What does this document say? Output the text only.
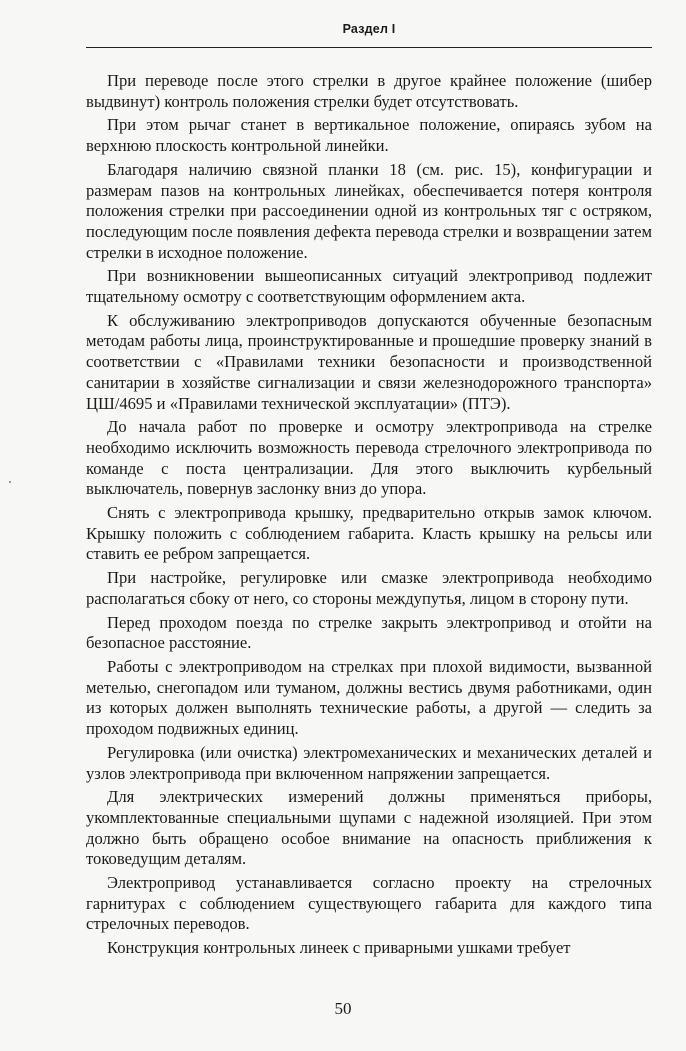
Раздел I

При переводе после этого стрелки в другое крайнее положение (шибер выдвинут) контроль положения стрелки будет отсутствовать.

При этом рычаг станет в вертикальное положение, опираясь зубом на верхнюю плоскость контрольной линейки.

Благодаря наличию связной планки 18 (см. рис. 15), конфигурации и размерам пазов на контрольных линейках, обеспечивается потеря контроля положения стрелки при рассоединении одной из контрольных тяг с остряком, последующим после появления дефекта перевода стрелки и возвращении затем стрелки в исходное положение.

При возникновении вышеописанных ситуаций электропривод подлежит тщательному осмотру с соответствующим оформлением акта.

К обслуживанию электроприводов допускаются обученные безопасным методам работы лица, проинструктированные и прошедшие проверку знаний в соответствии с «Правилами техники безопасности и производственной санитарии в хозяйстве сигнализации и связи железнодорожного транспорта» ЦШ/4695 и «Правилами технической эксплуатации» (ПТЭ).

До начала работ по проверке и осмотру электропривода на стрелке необходимо исключить возможность перевода стрелочного электропривода по команде с поста централизации. Для этого выключить курбельный выключатель, повернув заслонку вниз до упора.

Снять с электропривода крышку, предварительно открыв замок ключом. Крышку положить с соблюдением габарита. Класть крышку на рельсы или ставить ее ребром запрещается.

При настройке, регулировке или смазке электропривода необходимо располагаться сбоку от него, со стороны междупутья, лицом в сторону пути.

Перед проходом поезда по стрелке закрыть электропривод и отойти на безопасное расстояние.

Работы с электроприводом на стрелках при плохой видимости, вызванной метелью, снегопадом или туманом, должны вестись двумя работниками, один из которых должен выполнять технические работы, а другой — следить за проходом подвижных единиц.

Регулировка (или очистка) электромеханических и механических деталей и узлов электропривода при включенном напряжении запрещается.

Для электрических измерений должны применяться приборы, укомплектованные специальными щупами с надежной изоляцией. При этом должно быть обращено особое внимание на опасность приближения к токоведущим деталям.

Электропривод устанавливается согласно проекту на стрелочных гарнитурах с соблюдением существующего габарита для каждого типа стрелочных переводов.

Конструкция контрольных линеек с приварными ушками требует

50
